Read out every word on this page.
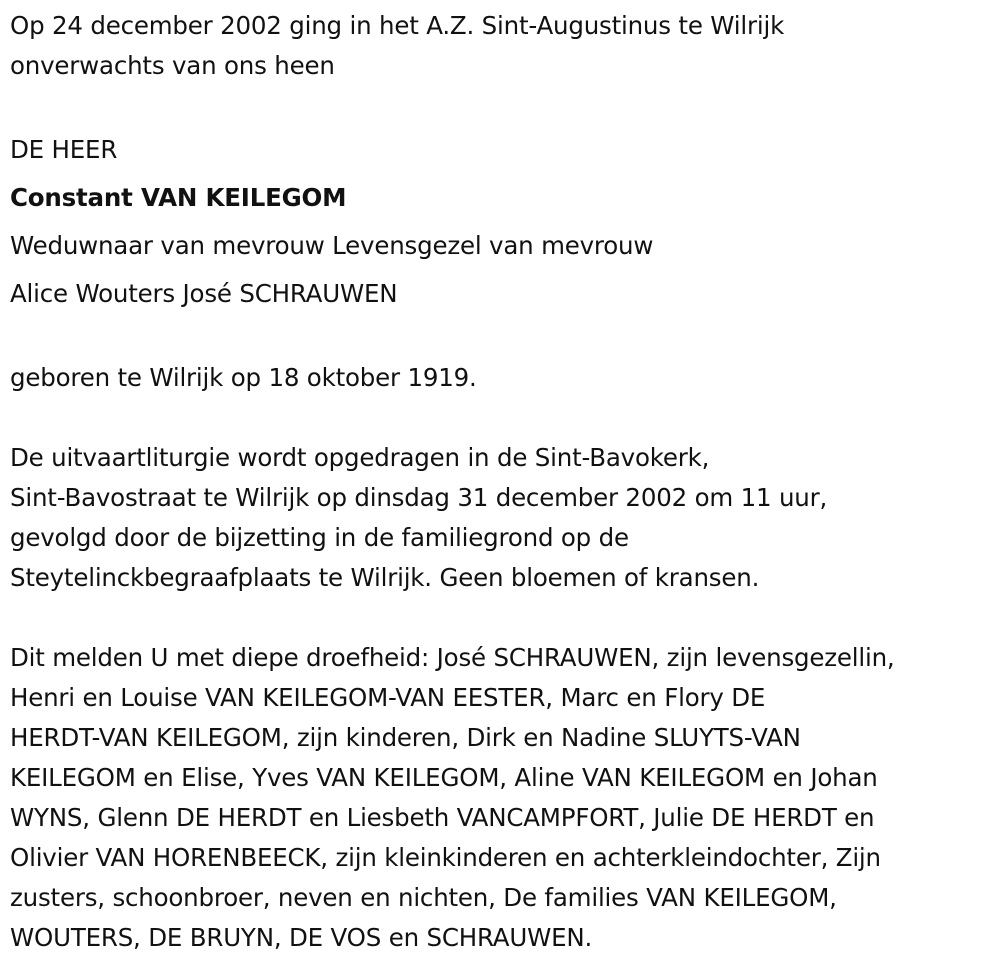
Op 24 december 2002 ging in het A.Z. Sint-Augustinus te Wilrijk
onverwachts van ons heen
DE HEER
Constant VAN KEILEGOM
Weduwnaar van mevrouw Levensgezel van mevrouw
Alice Wouters José SCHRAUWEN
geboren te Wilrijk op 18 oktober 1919.
De uitvaartliturgie wordt opgedragen in de Sint-Bavokerk,
Sint-Bavostraat te Wilrijk op dinsdag 31 december 2002 om 11 uur,
gevolgd door de bijzetting in de familiegrond op de
Steytelinckbegraafplaats te Wilrijk. Geen bloemen of kransen.
Dit melden U met diepe droefheid: José SCHRAUWEN, zijn levensgezellin,
Henri en Louise VAN KEILEGOM-VAN EESTER, Marc en Flory DE
HERDT-VAN KEILEGOM, zijn kinderen, Dirk en Nadine SLUYTS-VAN
KEILEGOM en Elise, Yves VAN KEILEGOM, Aline VAN KEILEGOM en Johan
WYNS, Glenn DE HERDT en Liesbeth VANCAMPFORT, Julie DE HERDT en
Olivier VAN HORENBEECK, zijn kleinkinderen en achterkleindochter, Zijn
zusters, schoonbroer, neven en nichten, De families VAN KEILEGOM,
WOUTERS, DE BRUYN, DE VOS en SCHRAUWEN.
